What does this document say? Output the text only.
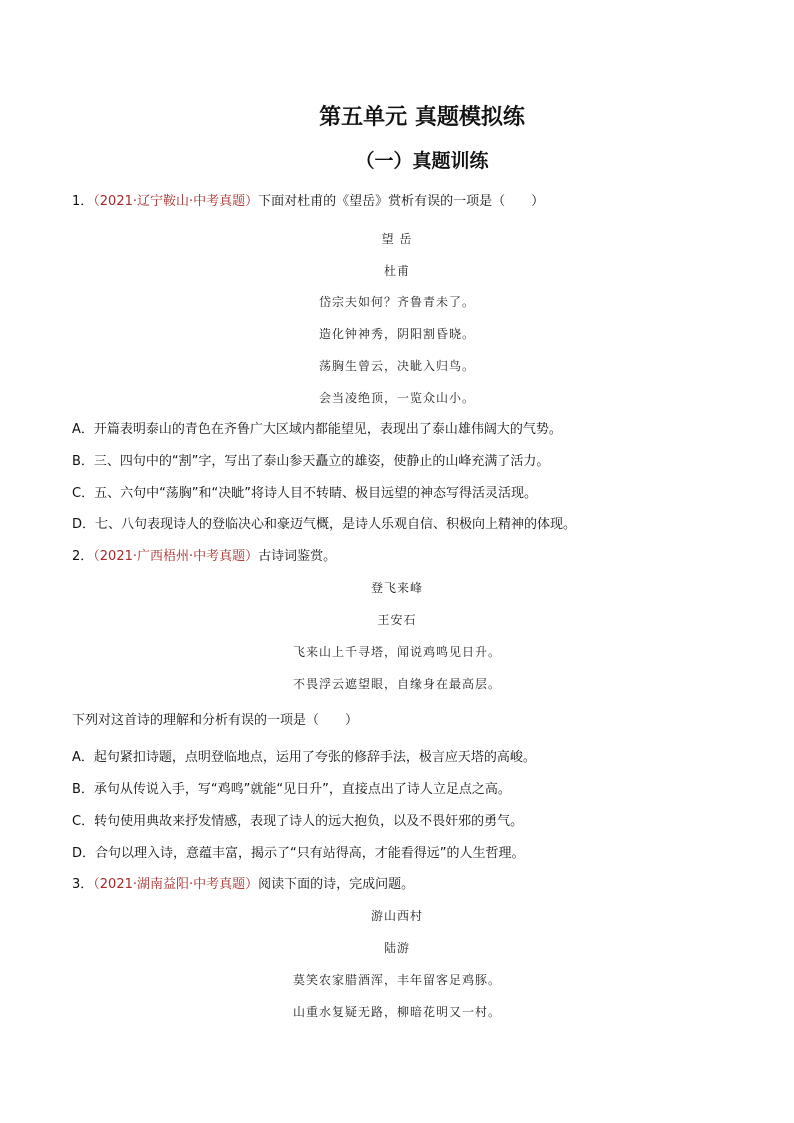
第五单元 真题模拟练
（一）真题训练
1．（2021·辽宁鞍山·中考真题）下面对杜甫的《望岳》赏析有误的一项是（　　）
望 岳
杜甫
岱宗夫如何？齐鲁青未了。
造化钟神秀，阴阳割昏晓。
荡胸生曾云，决眦入归鸟。
会当凌绝顶，一览众山小。
A．开篇表明泰山的青色在齐鲁广大区域内都能望见，表现出了泰山雄伟阔大的气势。
B．三、四句中的“割”字，写出了泰山参天矗立的雄姿，使静止的山峰充满了活力。
C．五、六句中“荡胸”和“决眦”将诗人目不转睛、极目远望的神态写得活灵活现。
D．七、八句表现诗人的登临决心和豪迈气概，是诗人乐观自信、积极向上精神的体现。
2．（2021·广西梧州·中考真题）古诗词鉴赏。
登飞来峰
王安石
飞来山上千寻塔，闻说鸡鸣见日升。
不畏浮云遮望眼，自缘身在最高层。
下列对这首诗的理解和分析有误的一项是（　　）
A．起句紧扣诗题，点明登临地点，运用了夸张的修辞手法，极言应天塔的高峻。
B．承句从传说入手，写“鸡鸣”就能“见日升”，直接点出了诗人立足点之高。
C．转句使用典故来抒发情感，表现了诗人的远大抱负，以及不畏奸邪的勇气。
D．合句以理入诗，意蕴丰富，揭示了“只有站得高，才能看得远”的人生哲理。
3．（2021·湖南益阳·中考真题）阅读下面的诗，完成问题。
游山西村
陆游
莫笑农家腊酒浑，丰年留客足鸡豚。
山重水复疑无路，柳暗花明又一村。
